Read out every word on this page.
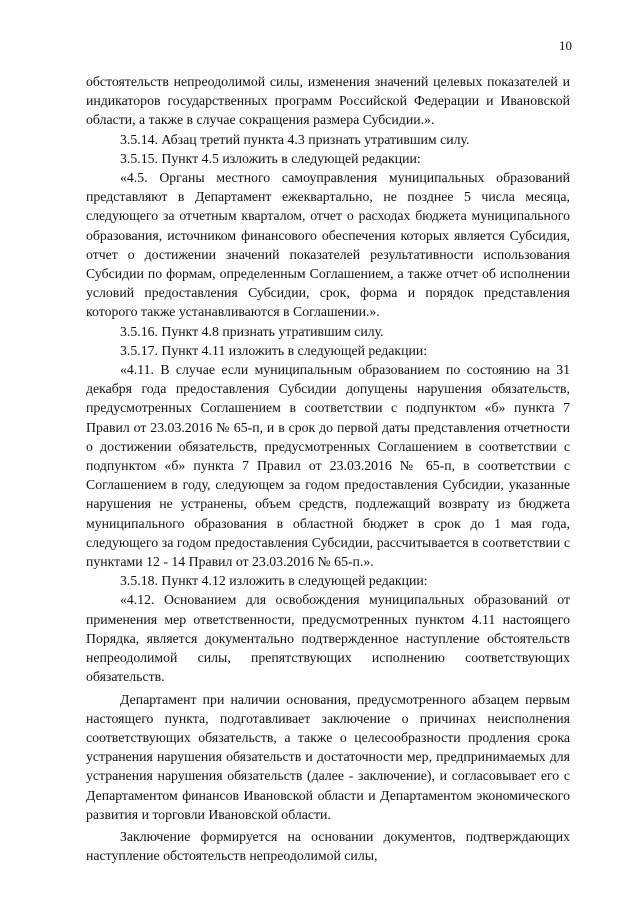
10

обстоятельств непреодолимой силы, изменения значений целевых показателей и индикаторов государственных программ Российской Федерации и Ивановской области, а также в случае сокращения размера Субсидии.».

3.5.14. Абзац третий пункта 4.3 признать утратившим силу.

3.5.15. Пункт 4.5 изложить в следующей редакции:

«4.5. Органы местного самоуправления муниципальных образований представляют в Департамент ежеквартально, не позднее 5 числа месяца, следующего за отчетным кварталом, отчет о расходах бюджета муниципального образования, источником финансового обеспечения которых является Субсидия, отчет о достижении значений показателей результативности использования Субсидии по формам, определенным Соглашением, а также отчет об исполнении условий предоставления Субсидии, срок, форма и порядок представления которого также устанавливаются в Соглашении.».

3.5.16. Пункт 4.8 признать утратившим силу.

3.5.17. Пункт 4.11 изложить в следующей редакции:

«4.11. В случае если муниципальным образованием по состоянию на 31 декабря года предоставления Субсидии допущены нарушения обязательств, предусмотренных Соглашением в соответствии с подпунктом «б» пункта 7 Правил от 23.03.2016 № 65-п, и в срок до первой даты представления отчетности о достижении обязательств, предусмотренных Соглашением в соответствии с подпунктом «б» пункта 7 Правил от 23.03.2016 № 65-п, в соответствии с Соглашением в году, следующем за годом предоставления Субсидии, указанные нарушения не устранены, объем средств, подлежащий возврату из бюджета муниципального образования в областной бюджет в срок до 1 мая года, следующего за годом предоставления Субсидии, рассчитывается в соответствии с пунктами 12 - 14 Правил от 23.03.2016 № 65-п.».

3.5.18. Пункт 4.12 изложить в следующей редакции:

«4.12. Основанием для освобождения муниципальных образований от применения мер ответственности, предусмотренных пунктом 4.11 настоящего Порядка, является документально подтвержденное наступление обстоятельств непреодолимой силы, препятствующих исполнению соответствующих обязательств.

Департамент при наличии основания, предусмотренного абзацем первым настоящего пункта, подготавливает заключение о причинах неисполнения соответствующих обязательств, а также о целесообразности продления срока устранения нарушения обязательств и достаточности мер, предпринимаемых для устранения нарушения обязательств (далее - заключение), и согласовывает его с Департаментом финансов Ивановской области и Департаментом экономического развития и торговли Ивановской области.

Заключение формируется на основании документов, подтверждающих наступление обстоятельств непреодолимой силы,
